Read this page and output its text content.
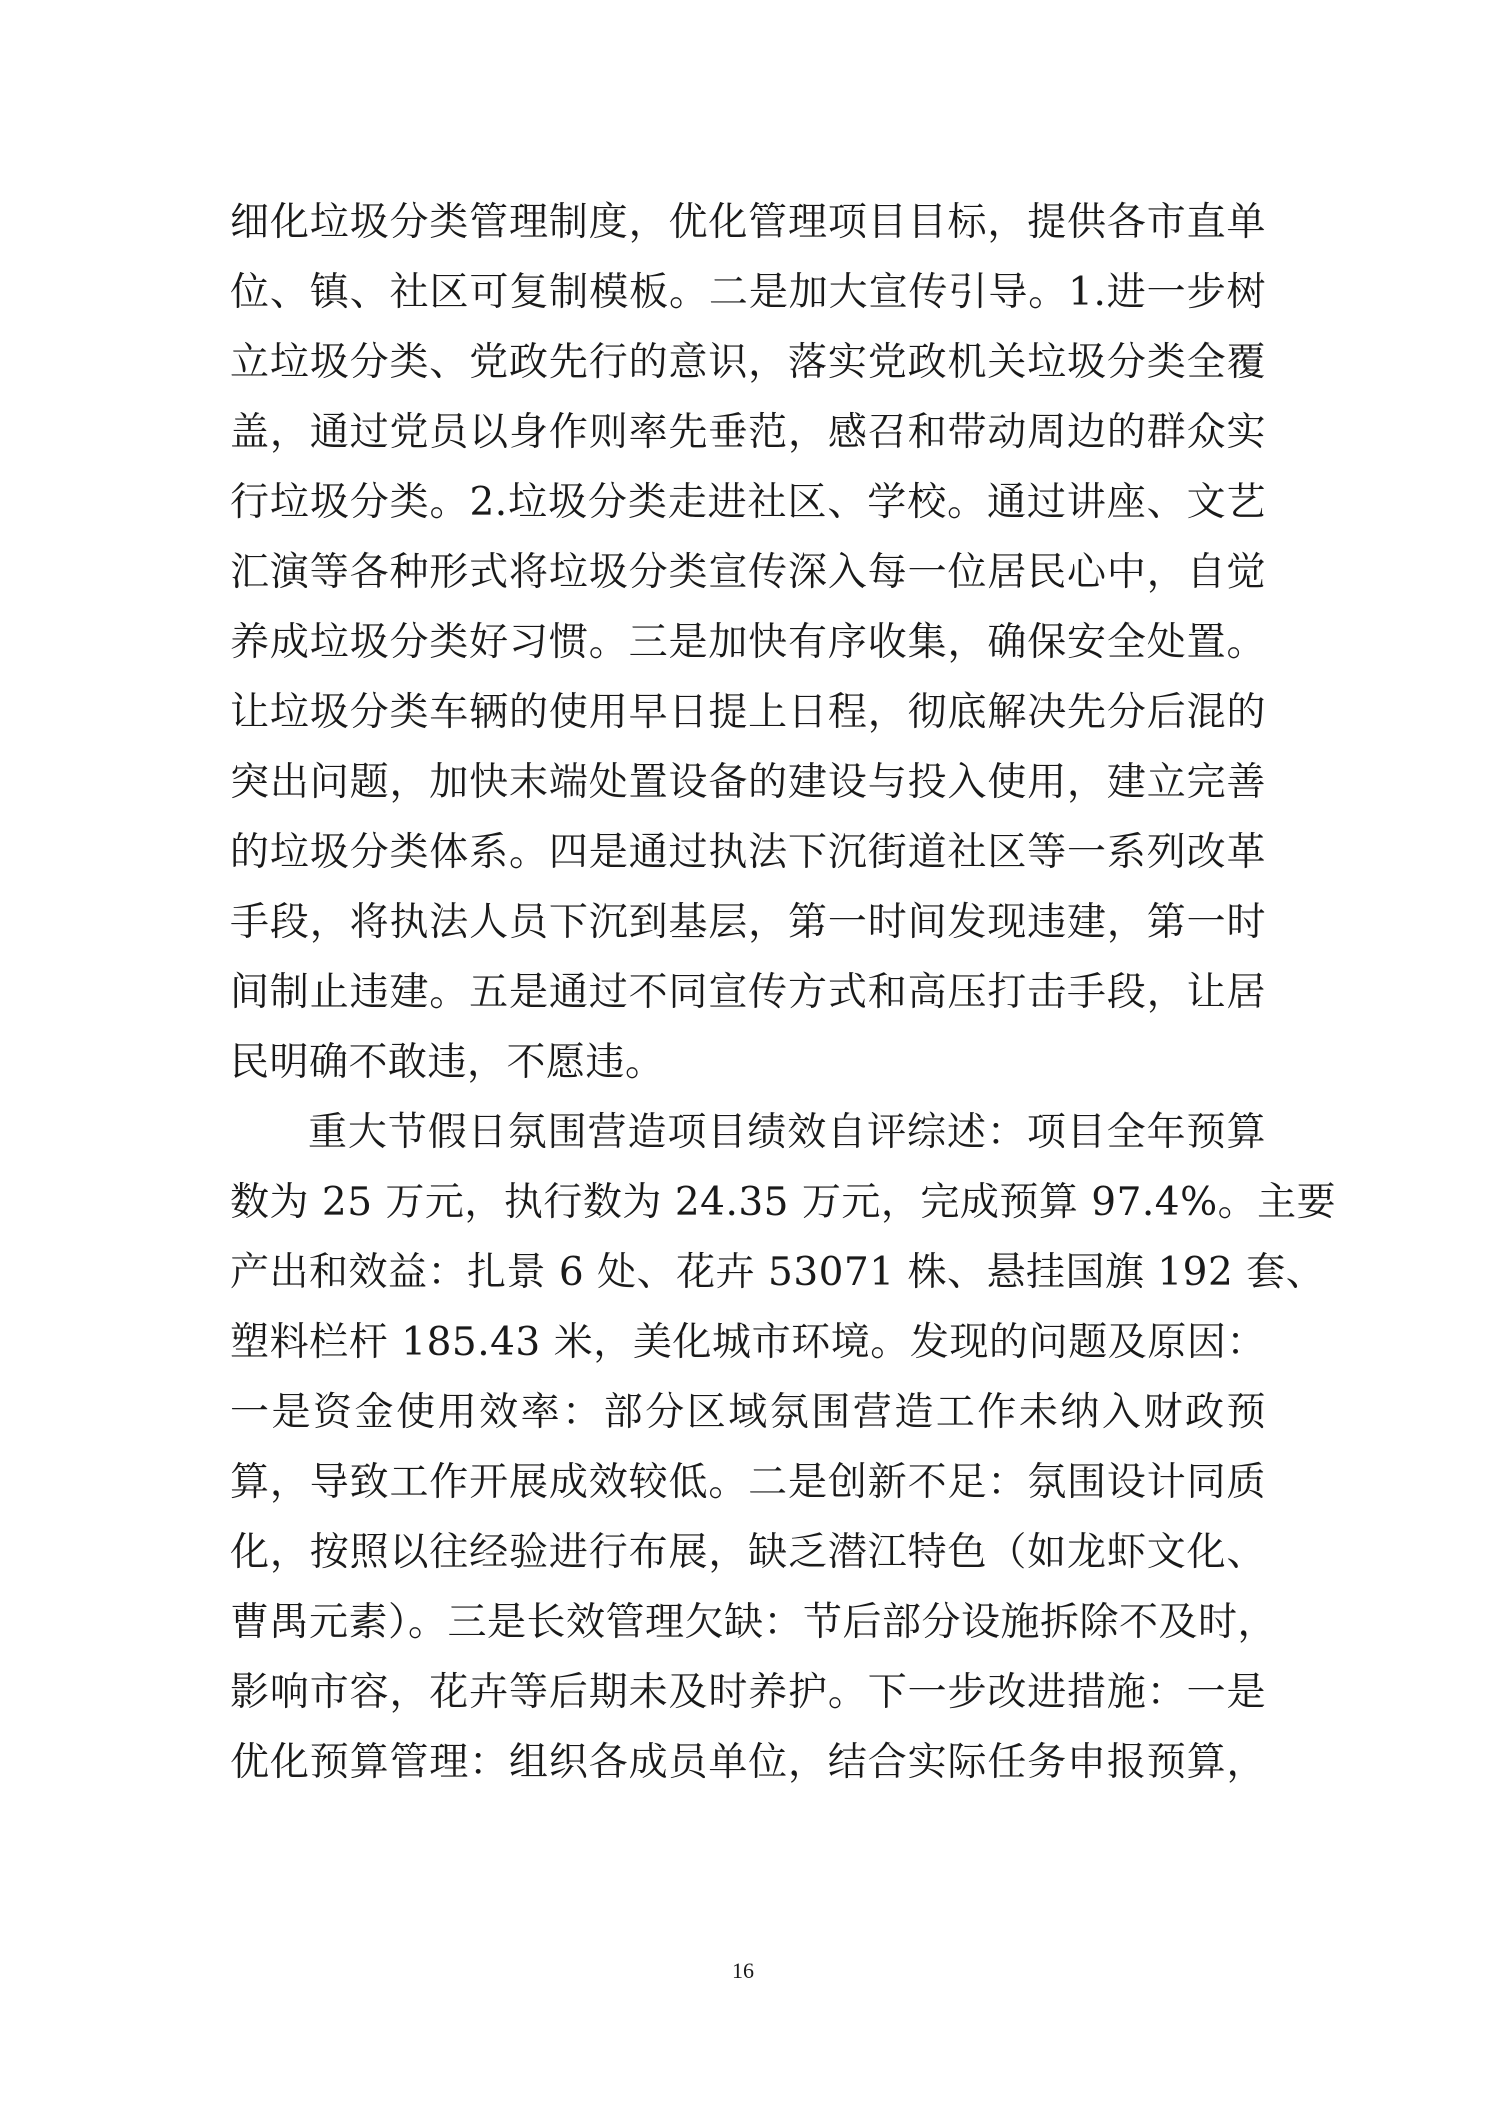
细化垃圾分类管理制度，优化管理项目目标，提供各市直单
位、镇、社区可复制模板。二是加大宣传引导。1.进一步树
立垃圾分类、党政先行的意识，落实党政机关垃圾分类全覆
盖，通过党员以身作则率先垂范，感召和带动周边的群众实
行垃圾分类。2.垃圾分类走进社区、学校。通过讲座、文艺
汇演等各种形式将垃圾分类宣传深入每一位居民心中，自觉
养成垃圾分类好习惯。三是加快有序收集，确保安全处置。
让垃圾分类车辆的使用早日提上日程，彻底解决先分后混的
突出问题，加快末端处置设备的建设与投入使用，建立完善
的垃圾分类体系。四是通过执法下沉街道社区等一系列改革
手段，将执法人员下沉到基层，第一时间发现违建，第一时
间制止违建。五是通过不同宣传方式和高压打击手段，让居
民明确不敢违，不愿违。
重大节假日氛围营造项目绩效自评综述：项目全年预算
数为 25 万元，执行数为 24.35 万元，完成预算 97.4%。主要
产出和效益：扎景 6 处、花卉 53071 株、悬挂国旗 192 套、
塑料栏杆 185.43 米，美化城市环境。发现的问题及原因：
一是资金使用效率：部分区域氛围营造工作未纳入财政预
算，导致工作开展成效较低。二是创新不足：氛围设计同质
化，按照以往经验进行布展，缺乏潜江特色（如龙虾文化、
曹禺元素）。三是长效管理欠缺：节后部分设施拆除不及时，
影响市容，花卉等后期未及时养护。下一步改进措施：一是
优化预算管理：组织各成员单位，结合实际任务申报预算，
16
